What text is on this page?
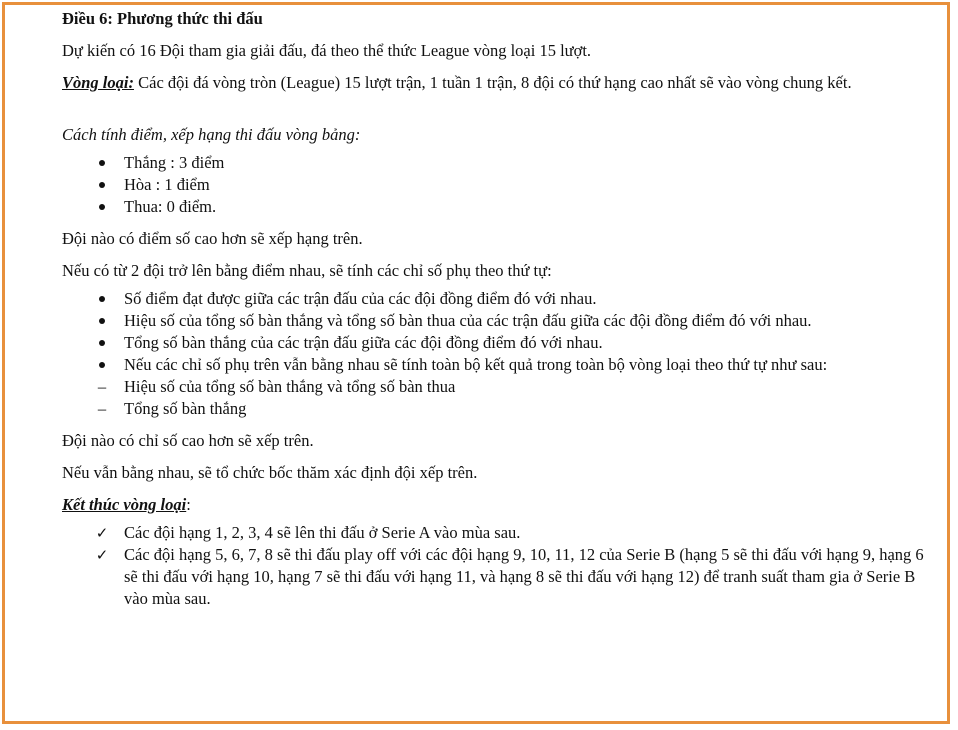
Điều 6: Phương thức thi đấu

Dự kiến có 16 Đội tham gia giải đấu, đá theo thể thức League vòng loại 15 lượt.

Vòng loại: Các đội đá vòng tròn (League) 15 lượt trận, 1 tuần 1 trận, 8 đội có thứ hạng cao nhất sẽ vào vòng chung kết.

Cách tính điểm, xếp hạng thi đấu vòng bảng:

Thắng : 3 điểm
Hòa : 1 điểm
Thua: 0 điểm.

Đội nào có điểm số cao hơn sẽ xếp hạng trên.

Nếu có từ 2 đội trở lên bằng điểm nhau, sẽ tính các chỉ số phụ theo thứ tự:

Số điểm đạt được giữa các trận đấu của các đội đồng điểm đó với nhau.
Hiệu số của tổng số bàn thắng và tổng số bàn thua của các trận đấu giữa các đội đồng điểm đó với nhau.
Tổng số bàn thắng của các trận đấu giữa các đội đồng điểm đó với nhau.
Nếu các chỉ số phụ trên vẫn bằng nhau sẽ tính toàn bộ kết quả trong toàn bộ vòng loại theo thứ tự như sau:
–	Hiệu số của tổng số bàn thắng và tổng số bàn thua
–	Tổng số bàn thắng

Đội nào có chỉ số cao hơn sẽ xếp trên.

Nếu vẫn bằng nhau, sẽ tổ chức bốc thăm xác định đội xếp trên.

Kết thúc vòng loại:

✓ Các đội hạng 1, 2, 3, 4 sẽ lên thi đấu ở Serie A vào mùa sau.
✓ Các đội hạng 5, 6, 7, 8 sẽ thi đấu play off với các đội hạng 9, 10, 11, 12 của Serie B (hạng 5 sẽ thi đấu với hạng 9, hạng 6 sẽ thi đấu với hạng 10, hạng 7 sẽ thi đấu với hạng 11, và hạng 8 sẽ thi đấu với hạng 12) để tranh suất tham gia ở Serie B vào mùa sau.
